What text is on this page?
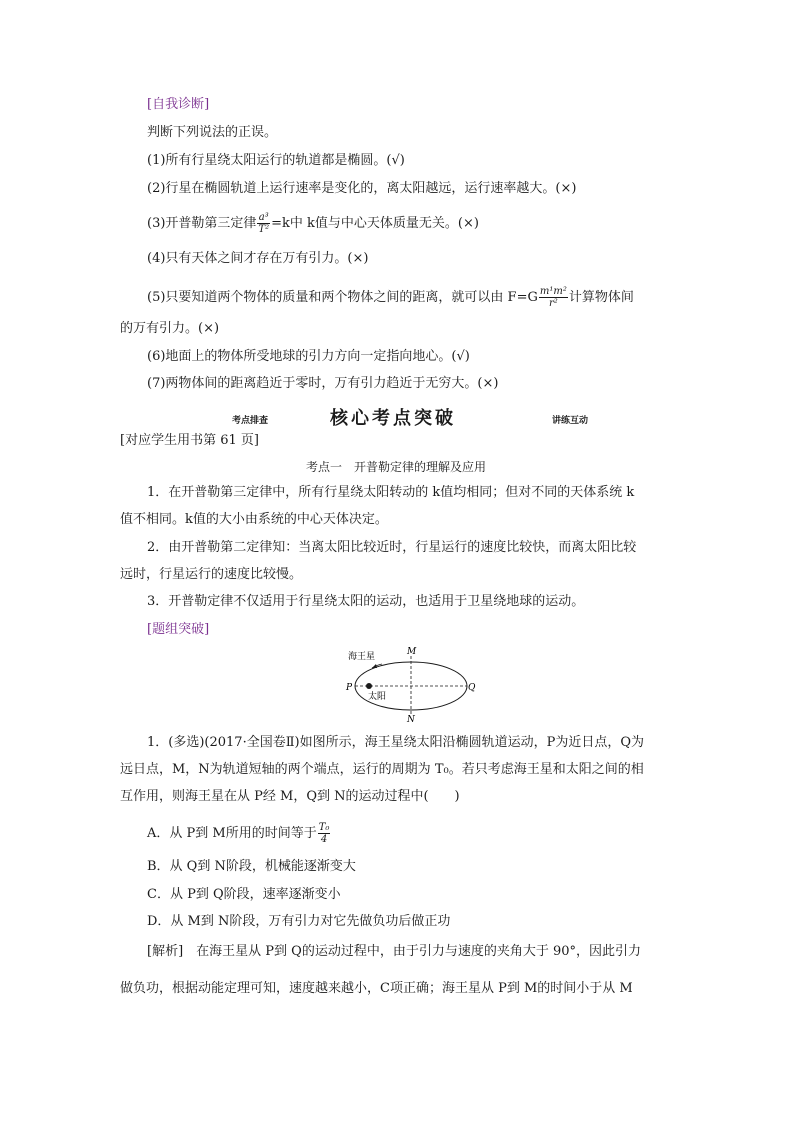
[自我诊断]
判断下列说法的正误。
(1)所有行星绕太阳运行的轨道都是椭圆。(√)
(2)行星在椭圆轨道上运行速率是变化的，离太阳越远，运行速率越大。(×)
(3)开普勒第三定律 $\frac{\text{a³}}{\text{T²}} =k$中 k值与中心天体质量无关。(×)
(4)只有天体之间才存在万有引力。(×)
(5)只要知道两个物体的质量和两个物体之间的距离，就可以由 $F=G \frac{\text{m¹m²}}{\text{r²}}$ 计算物体间
的万有引力。(×)
(6)地面上的物体所受地球的引力方向一定指向地心。(√)
(7)两物体间的距离趋近于零时，万有引力趋近于无穷大。(×)
考点排查	核心考点突破	讲练互动
[对应学生用书第 61 页]
考点一　开普勒定律的理解及应用
1．在开普勒第三定律中，所有行星绕太阳转动的 k值均相同；但对不同的天体系统 k
值不相同。k值的大小由系统的中心天体决定。
2．由开普勒第二定律知：当离太阳比较近时，行星运行的速度比较快，而离太阳比较
远时，行星运行的速度比较慢。
3．开普勒定律不仅适用于行星绕太阳的运动，也适用于卫星绕地球的运动。
[题组突破]
海王星
太阳
M
N
P	Q
1．(多选)(2017·全国卷Ⅱ)如图所示，海王星绕太阳沿椭圆轨道运动，P为近日点，Q为
远日点，M，N为轨道短轴的两个端点，运行的周期为 T₀。若只考虑海王星和太阳之间的相
互作用，则海王星在从 P经 M，Q到 N的运动过程中(　　)
A．从 P到 M所用的时间等于 $\frac{\text{T₀}}{4}$
B．从 Q到 N阶段，机械能逐渐变大
C．从 P到 Q阶段，速率逐渐变小
D．从 M到 N阶段，万有引力对它先做负功后做正功
[解析]　在海王星从 P到 Q的运动过程中，由于引力与速度的夹角大于 90°，因此引力
做负功，根据动能定理可知，速度越来越小，C项正确；海王星从 P到 M的时间小于从 M
